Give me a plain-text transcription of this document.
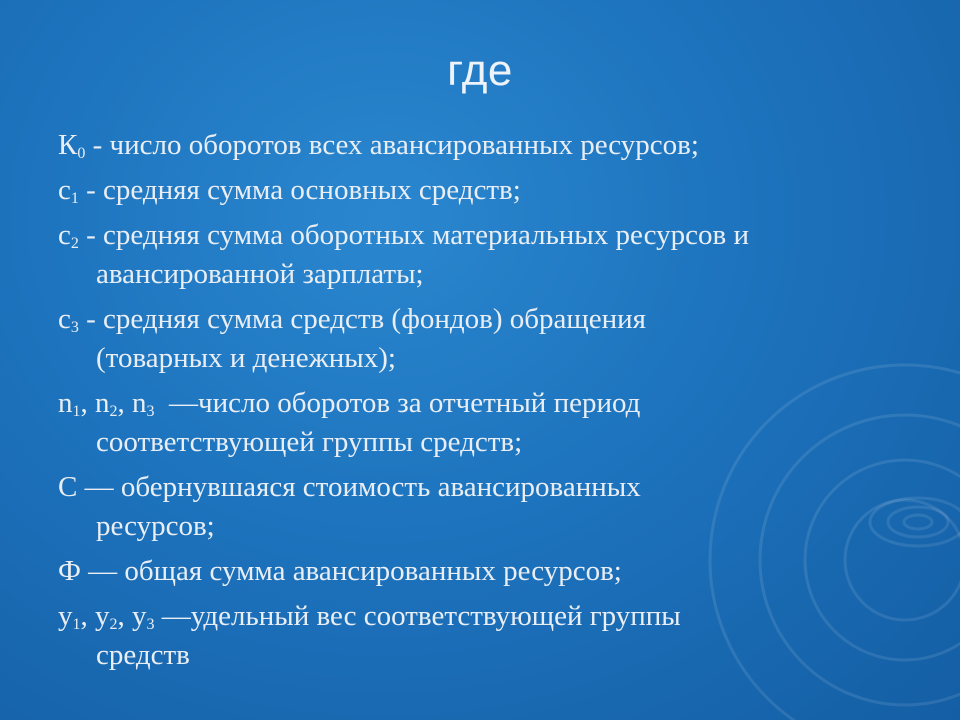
где
$К_0$ - число оборотов всех авансированных ресурсов;
$с_1$ - средняя сумма основных средств;
$с_2$ - средняя сумма оборотных материальных ресурсов и
авансированной зарплаты;
$с_3$ - средняя сумма средств (фондов) обращения
(товарных и денежных);
$n_1$, $n_2$, $n_3$  —число оборотов за отчетный период
соответствующей группы средств;
С — обернувшаяся стоимость авансированных
ресурсов;
Ф — общая сумма авансированных ресурсов;
$у_1$, $у_2$, $у_3$ —удельный вес соответствующей группы
средств
